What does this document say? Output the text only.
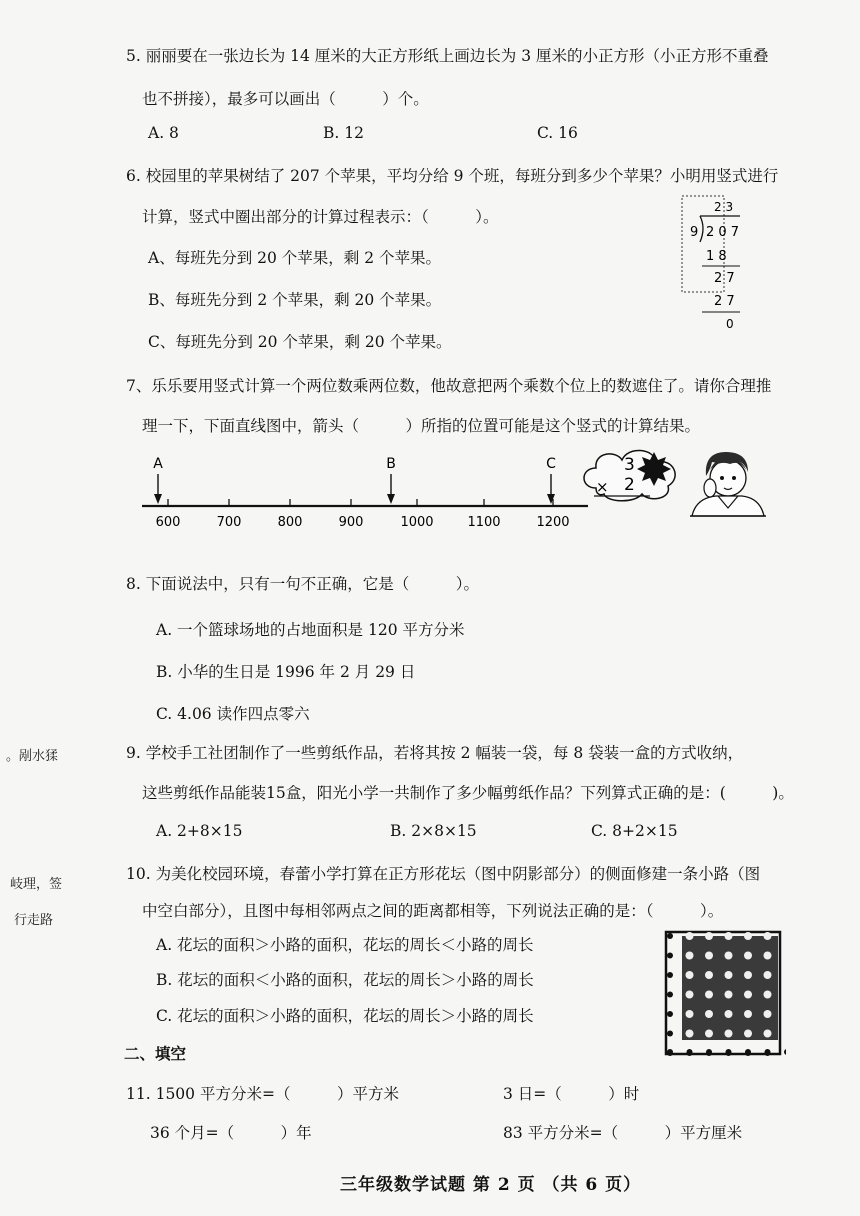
5. 丽丽要在一张边长为 14 厘米的大正方形纸上画边长为 3 厘米的小正方形（小正方形不重叠
也不拼接），最多可以画出（　　　）个。
A. 8	B. 12	C. 16
6. 校园里的苹果树结了 207 个苹果，平均分给 9 个班，每班分到多少个苹果？小明用竖式进行
计算，竖式中圈出部分的计算过程表示：（　　　）。
A、每班先分到 20 个苹果，剩 2 个苹果。
B、每班先分到 2 个苹果，剩 20 个苹果。
C、每班先分到 20 个苹果，剩 20 个苹果。
2 3
9 2 0 7
1 8
2 7
2 7
0
7、乐乐要用竖式计算一个两位数乘两位数，他故意把两个乘数个位上的数遮住了。请你合理推
理一下，下面直线图中，箭头（　　　）所指的位置可能是这个竖式的计算结果。
600	700	800	900	1000	1100	1200
A	B	C	3
× 2
8. 下面说法中，只有一句不正确，它是（　　　）。
A. 一个篮球场地的占地面积是 120 平方分米
B. 小华的生日是 1996 年 2 月 29 日
C. 4.06 读作四点零六
。剐水猱
岐理，签
行走路
9. 学校手工社团制作了一些剪纸作品，若将其按 2 幅装一袋，每 8 袋装一盒的方式收纳，
这些剪纸作品能装15盒，阳光小学一共制作了多少幅剪纸作品？下列算式正确的是：(　　　)。
A. 2+8×15	B. 2×8×15	C. 8+2×15
10. 为美化校园环境，春蕾小学打算在正方形花坛（图中阴影部分）的侧面修建一条小路（图
中空白部分），且图中每相邻两点之间的距离都相等，下列说法正确的是：（　　　）。
A. 花坛的面积＞小路的面积，花坛的周长＜小路的周长
B. 花坛的面积＜小路的面积，花坛的周长＞小路的周长
C. 花坛的面积＞小路的面积，花坛的周长＞小路的周长
二、填空
11. 1500 平方分米=（　　　）平方米	3 日=（　　　）时
36 个月=（　　　）年	83 平方分米=（　　　）平方厘米
三年级数学试题 第 2 页 （共 6 页）
